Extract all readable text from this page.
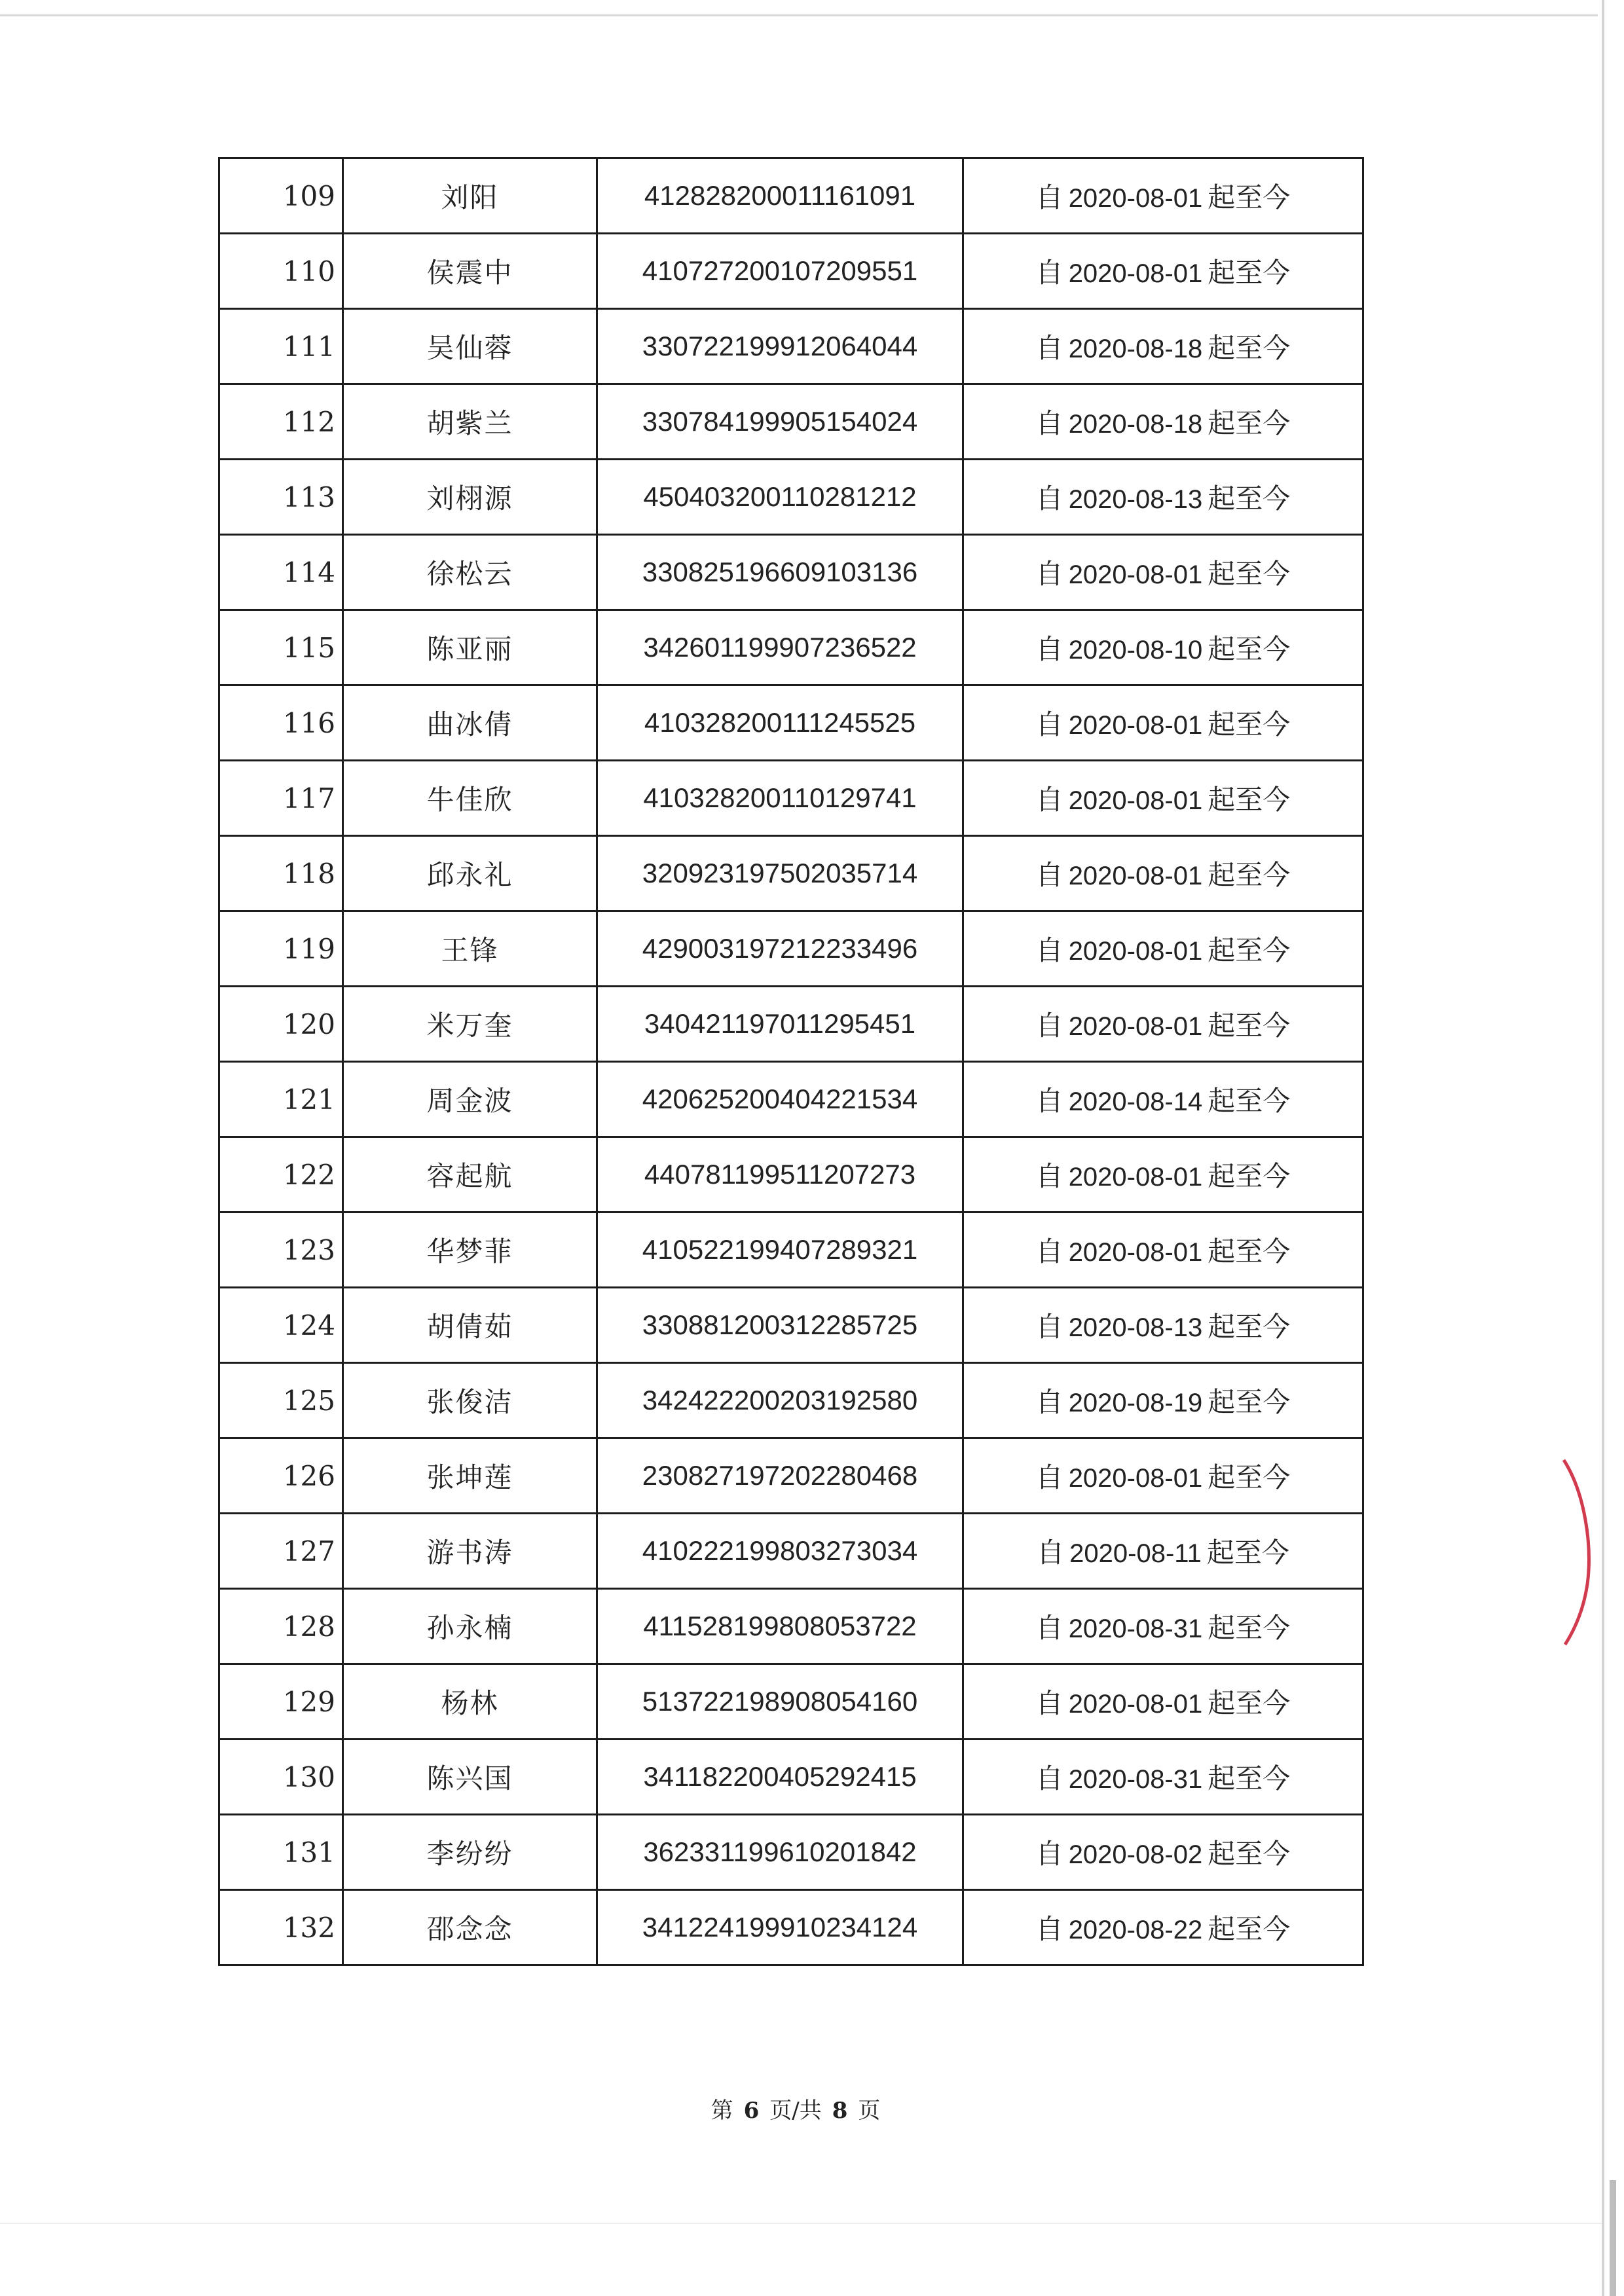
109	刘阳	412828200011161091	自 2020-08-01 起至今
110	侯震中	410727200107209551	自 2020-08-01 起至今
111	吴仙蓉	330722199912064044	自 2020-08-18 起至今
112	胡紫兰	330784199905154024	自 2020-08-18 起至今
113	刘栩源	450403200110281212	自 2020-08-13 起至今
114	徐松云	330825196609103136	自 2020-08-01 起至今
115	陈亚丽	342601199907236522	自 2020-08-10 起至今
116	曲冰倩	410328200111245525	自 2020-08-01 起至今
117	牛佳欣	410328200110129741	自 2020-08-01 起至今
118	邱永礼	320923197502035714	自 2020-08-01 起至今
119	王锋	429003197212233496	自 2020-08-01 起至今
120	米万奎	340421197011295451	自 2020-08-01 起至今
121	周金波	420625200404221534	自 2020-08-14 起至今
122	容起航	440781199511207273	自 2020-08-01 起至今
123	华梦菲	410522199407289321	自 2020-08-01 起至今
124	胡倩茹	330881200312285725	自 2020-08-13 起至今
125	张俊洁	342422200203192580	自 2020-08-19 起至今
126	张坤莲	230827197202280468	自 2020-08-01 起至今
127	游书涛	410222199803273034	自 2020-08-11 起至今
128	孙永楠	411528199808053722	自 2020-08-31 起至今
129	杨林	513722198908054160	自 2020-08-01 起至今
130	陈兴国	341182200405292415	自 2020-08-31 起至今
131	李纷纷	362331199610201842	自 2020-08-02 起至今
132	邵念念	341224199910234124	自 2020-08-22 起至今
第 6 页/共 8 页
